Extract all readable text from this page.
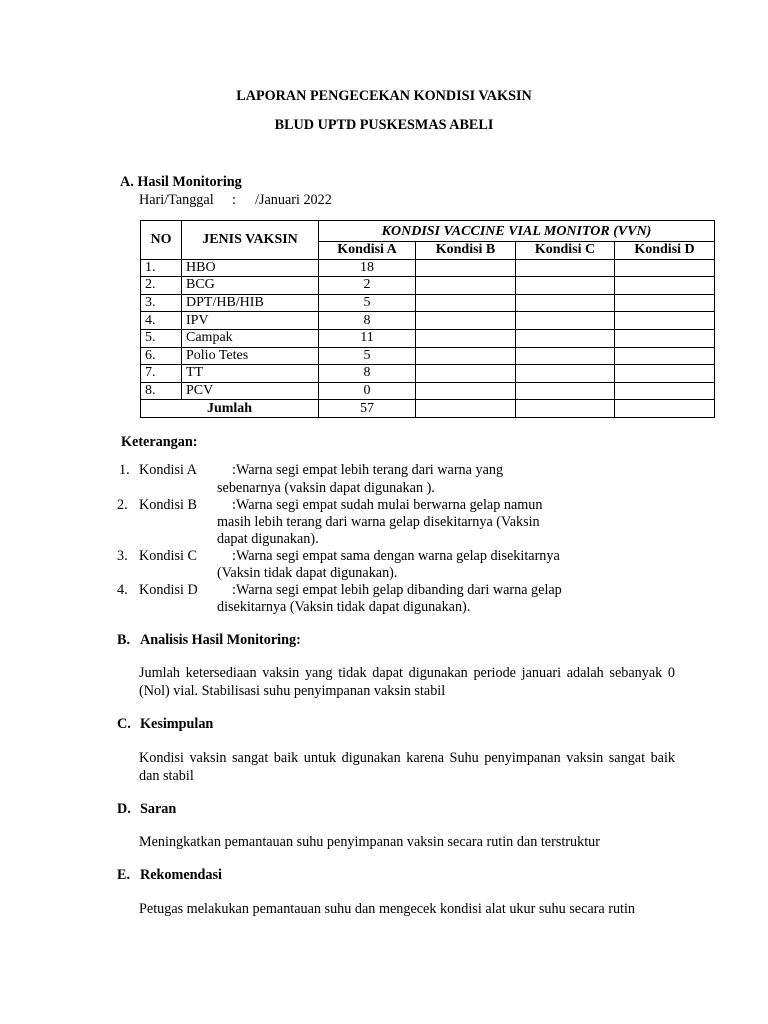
LAPORAN PENGECEKAN KONDISI VAKSIN
BLUD UPTD PUSKESMAS ABELI
A. Hasil Monitoring
Hari/Tanggal : /Januari 2022
NO	JENIS VAKSIN	KONDISI VACCINE VIAL MONITOR (VVN)			
		Kondisi A	Kondisi B	Kondisi C	Kondisi D
1.	HBO	18			
2.	BCG	2			
3.	DPT/HB/HIB	5			
4.	IPV	8			
5.	Campak	11			
6.	Polio Tetes	5			
7.	TT	8			
8.	PCV	0			
Jumlah		57			
Keterangan:
1. Kondisi A :Warna segi empat lebih terang dari warna yang
sebenarnya (vaksin dapat digunakan ).
2. Kondisi B :Warna segi empat sudah mulai berwarna gelap namun
masih lebih terang dari warna gelap disekitarnya (Vaksin
dapat digunakan).
3. Kondisi C :Warna segi empat sama dengan warna gelap disekitarnya
(Vaksin tidak dapat digunakan).
4. Kondisi D :Warna segi empat lebih gelap dibanding dari warna gelap
disekitarnya (Vaksin tidak dapat digunakan).
B. Analisis Hasil Monitoring:
Jumlah ketersediaan vaksin yang tidak dapat digunakan periode januari adalah sebanyak 0 (Nol) vial. Stabilisasi suhu penyimpanan vaksin stabil
C. Kesimpulan
Kondisi vaksin sangat baik untuk digunakan karena Suhu penyimpanan vaksin sangat baik dan stabil
D. Saran
Meningkatkan pemantauan suhu penyimpanan vaksin secara rutin dan terstruktur
E. Rekomendasi
Petugas melakukan pemantauan suhu dan mengecek kondisi alat ukur suhu secara rutin
